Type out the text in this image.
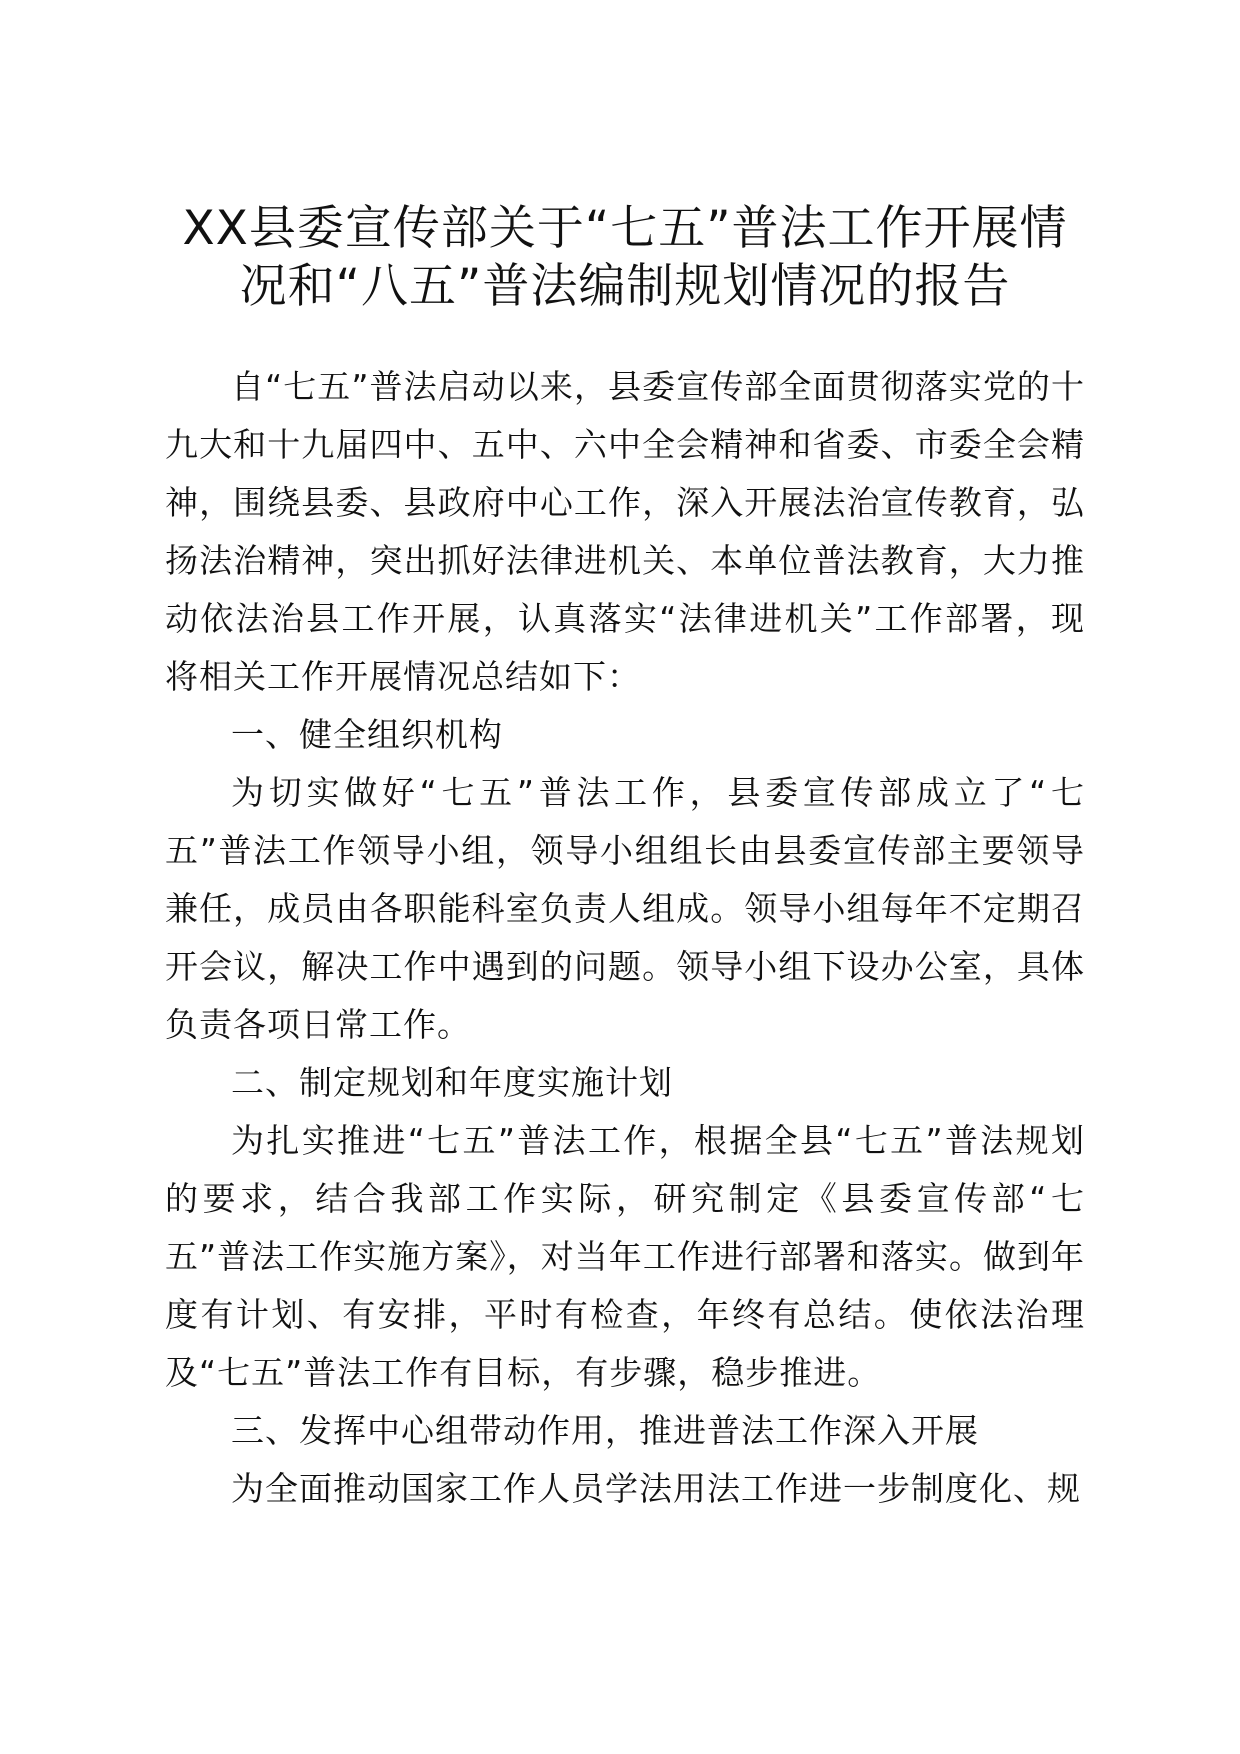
XX县委宣传部关于“七五”普法工作开展情况和“八五”普法编制规划情况的报告

自“七五”普法启动以来，县委宣传部全面贯彻落实党的十九大和十九届四中、五中、六中全会精神和省委、市委全会精神，围绕县委、县政府中心工作，深入开展法治宣传教育，弘扬法治精神，突出抓好法律进机关、本单位普法教育，大力推动依法治县工作开展，认真落实“法律进机关”工作部署，现将相关工作开展情况总结如下：

一、健全组织机构

为切实做好“七五”普法工作，县委宣传部成立了“七五”普法工作领导小组，领导小组组长由县委宣传部主要领导兼任，成员由各职能科室负责人组成。领导小组每年不定期召开会议，解决工作中遇到的问题。领导小组下设办公室，具体负责各项日常工作。

二、制定规划和年度实施计划

为扎实推进“七五”普法工作，根据全县“七五”普法规划的要求，结合我部工作实际，研究制定《县委宣传部“七五”普法工作实施方案》，对当年工作进行部署和落实。做到年度有计划、有安排，平时有检查，年终有总结。使依法治理及“七五”普法工作有目标，有步骤，稳步推进。

三、发挥中心组带动作用，推进普法工作深入开展

为全面推动国家工作人员学法用法工作进一步制度化、规
